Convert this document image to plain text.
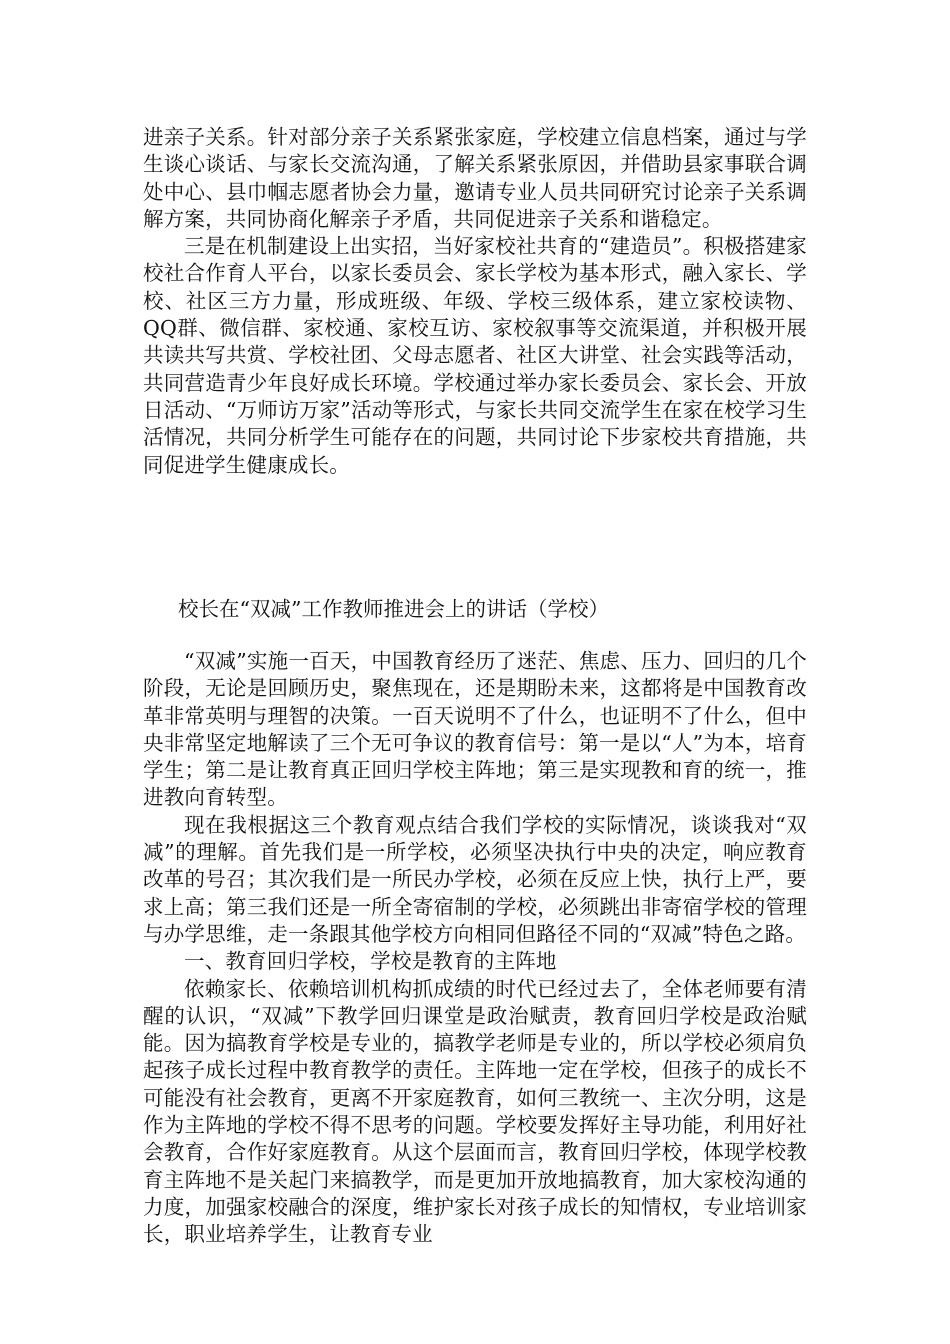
进亲子关系。针对部分亲子关系紧张家庭，学校建立信息档案，通过与学生谈心谈话、与家长交流沟通，了解关系紧张原因，并借助县家事联合调处中心、县巾帼志愿者协会力量，邀请专业人员共同研究讨论亲子关系调解方案，共同协商化解亲子矛盾，共同促进亲子关系和谐稳定。

三是在机制建设上出实招，当好家校社共育的“建造员”。积极搭建家校社合作育人平台，以家长委员会、家长学校为基本形式，融入家长、学校、社区三方力量，形成班级、年级、学校三级体系，建立家校读物、QQ群、微信群、家校通、家校互访、家校叙事等交流渠道，并积极开展共读共写共赏、学校社团、父母志愿者、社区大讲堂、社会实践等活动，共同营造青少年良好成长环境。学校通过举办家长委员会、家长会、开放日活动、“万师访万家”活动等形式，与家长共同交流学生在家在校学习生活情况，共同分析学生可能存在的问题，共同讨论下步家校共育措施，共同促进学生健康成长。

校长在“双减”工作教师推进会上的讲话（学校）

“双减”实施一百天，中国教育经历了迷茫、焦虑、压力、回归的几个阶段，无论是回顾历史，聚焦现在，还是期盼未来，这都将是中国教育改革非常英明与理智的决策。一百天说明不了什么，也证明不了什么，但中央非常坚定地解读了三个无可争议的教育信号：第一是以“人”为本，培育学生；第二是让教育真正回归学校主阵地；第三是实现教和育的统一，推进教向育转型。

现在我根据这三个教育观点结合我们学校的实际情况，谈谈我对“双减”的理解。首先我们是一所学校，必须坚决执行中央的决定，响应教育改革的号召；其次我们是一所民办学校，必须在反应上快，执行上严，要求上高；第三我们还是一所全寄宿制的学校，必须跳出非寄宿学校的管理与办学思维，走一条跟其他学校方向相同但路径不同的“双减”特色之路。

一、教育回归学校，学校是教育的主阵地

依赖家长、依赖培训机构抓成绩的时代已经过去了，全体老师要有清醒的认识，“双减”下教学回归课堂是政治赋责，教育回归学校是政治赋能。因为搞教育学校是专业的，搞教学老师是专业的，所以学校必须肩负起孩子成长过程中教育教学的责任。主阵地一定在学校，但孩子的成长不可能没有社会教育，更离不开家庭教育，如何三教统一、主次分明，这是作为主阵地的学校不得不思考的问题。学校要发挥好主导功能，利用好社会教育，合作好家庭教育。从这个层面而言，教育回归学校，体现学校教育主阵地不是关起门来搞教学，而是更加开放地搞教育，加大家校沟通的力度，加强家校融合的深度，维护家长对孩子成长的知情权，专业培训家长，职业培养学生，让教育专业
